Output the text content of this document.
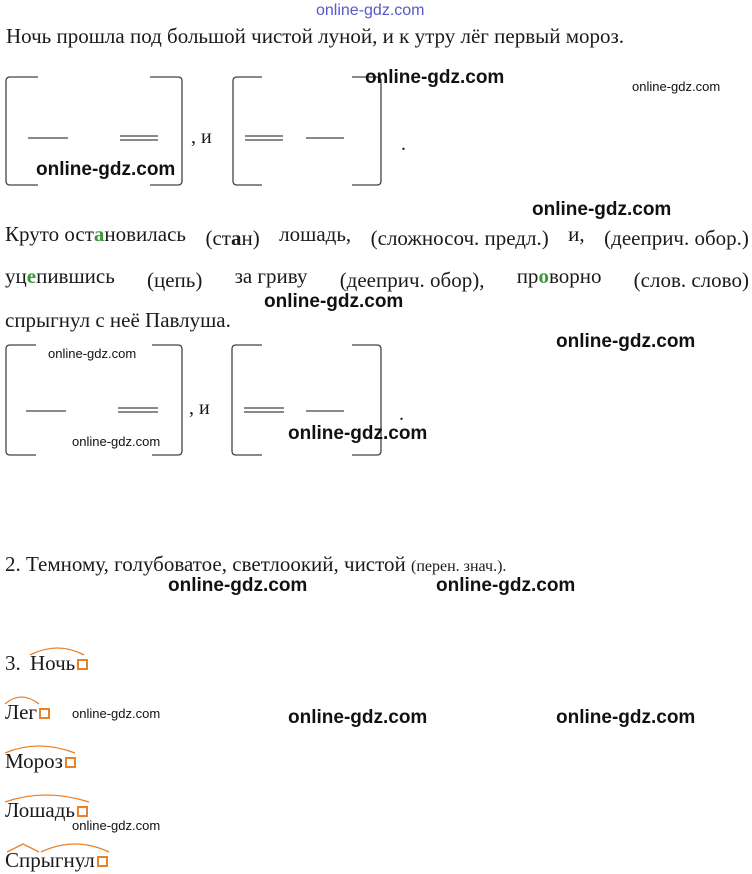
online-gdz.com
Ночь прошла под большой чистой луной, и к утру лёг первый мороз.
, и	.
Круто остановилась (стан) лошадь, (сложносоч. предл.) и, (дееприч. обор.)
уцепившись (цепь) за гриву (дееприч. обор), проворно (слов. слово)
спрыгнул с неё Павлуша.
, и	.
2. Темному, голубоватое, светлоокий, чистой (перен. знач.).
3. Ночь
Лег
Мороз
Лошадь
Спрыгнул
online-gdz.com	online-gdz.com
online-gdz.com
online-gdz.com
online-gdz.com
online-gdz.com
online-gdz.com
online-gdz.com
online-gdz.com
online-gdz.com	online-gdz.com
online-gdz.com	online-gdz.com	online-gdz.com
online-gdz.com
